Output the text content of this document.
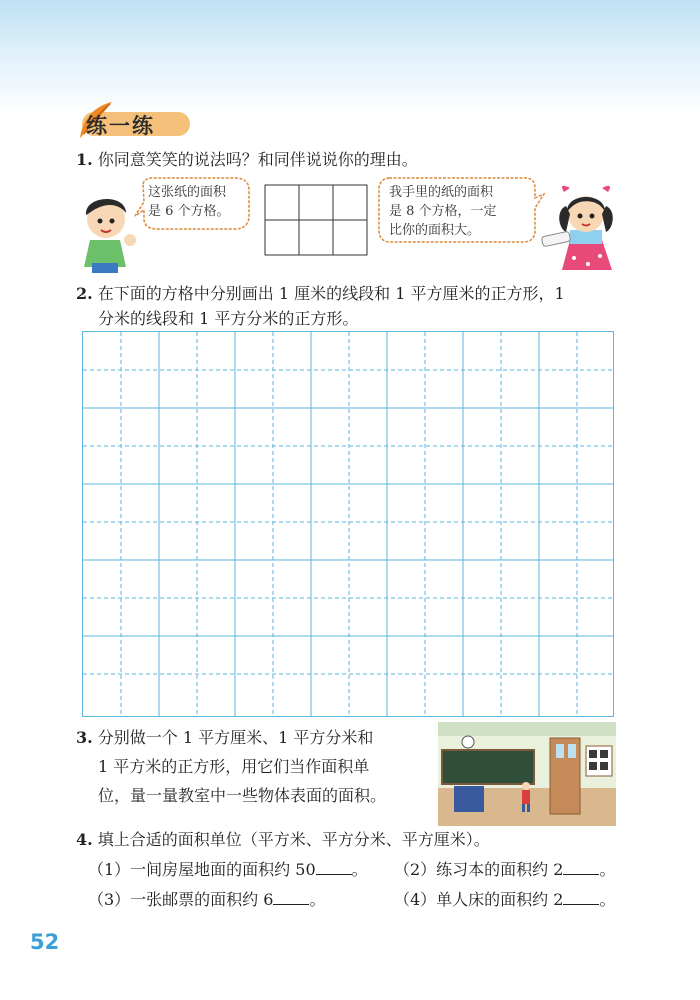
练一练
1. 你同意笑笑的说法吗？和同伴说说你的理由。
这张纸的面积
是 6 个方格。
我手里的纸的面积
是 8 个方格，一定
比你的面积大。
2. 在下面的方格中分别画出 1 厘米的线段和 1 平方厘米的正方形，1
分米的线段和 1 平方分米的正方形。
3. 分别做一个 1 平方厘米、1 平方分米和
1 平方米的正方形，用它们当作面积单
位，量一量教室中一些物体表面的面积。
4. 填上合适的面积单位（平方米、平方分米、平方厘米）。
（1）一间房屋地面的面积约 50 。 （2）练习本的面积约 2 。
（3）一张邮票的面积约 6 。	（4）单人床的面积约 2 。
52
